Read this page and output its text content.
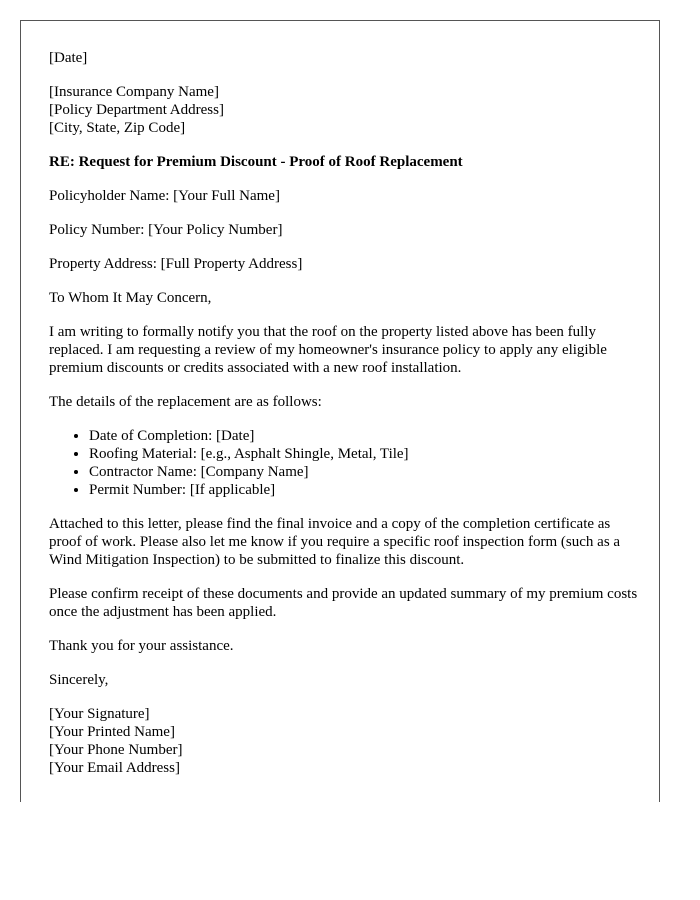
[Date]
[Insurance Company Name]
[Policy Department Address]
[City, State, Zip Code]
RE: Request for Premium Discount - Proof of Roof Replacement
Policyholder Name: [Your Full Name]
Policy Number: [Your Policy Number]
Property Address: [Full Property Address]
To Whom It May Concern,
I am writing to formally notify you that the roof on the property listed above has been fully replaced. I am requesting a review of my homeowner's insurance policy to apply any eligible premium discounts or credits associated with a new roof installation.
The details of the replacement are as follows:
• Date of Completion: [Date]
• Roofing Material: [e.g., Asphalt Shingle, Metal, Tile]
• Contractor Name: [Company Name]
• Permit Number: [If applicable]
Attached to this letter, please find the final invoice and a copy of the completion certificate as proof of work. Please also let me know if you require a specific roof inspection form (such as a Wind Mitigation Inspection) to be submitted to finalize this discount.
Please confirm receipt of these documents and provide an updated summary of my premium costs once the adjustment has been applied.
Thank you for your assistance.
Sincerely,
[Your Signature]
[Your Printed Name]
[Your Phone Number]
[Your Email Address]
